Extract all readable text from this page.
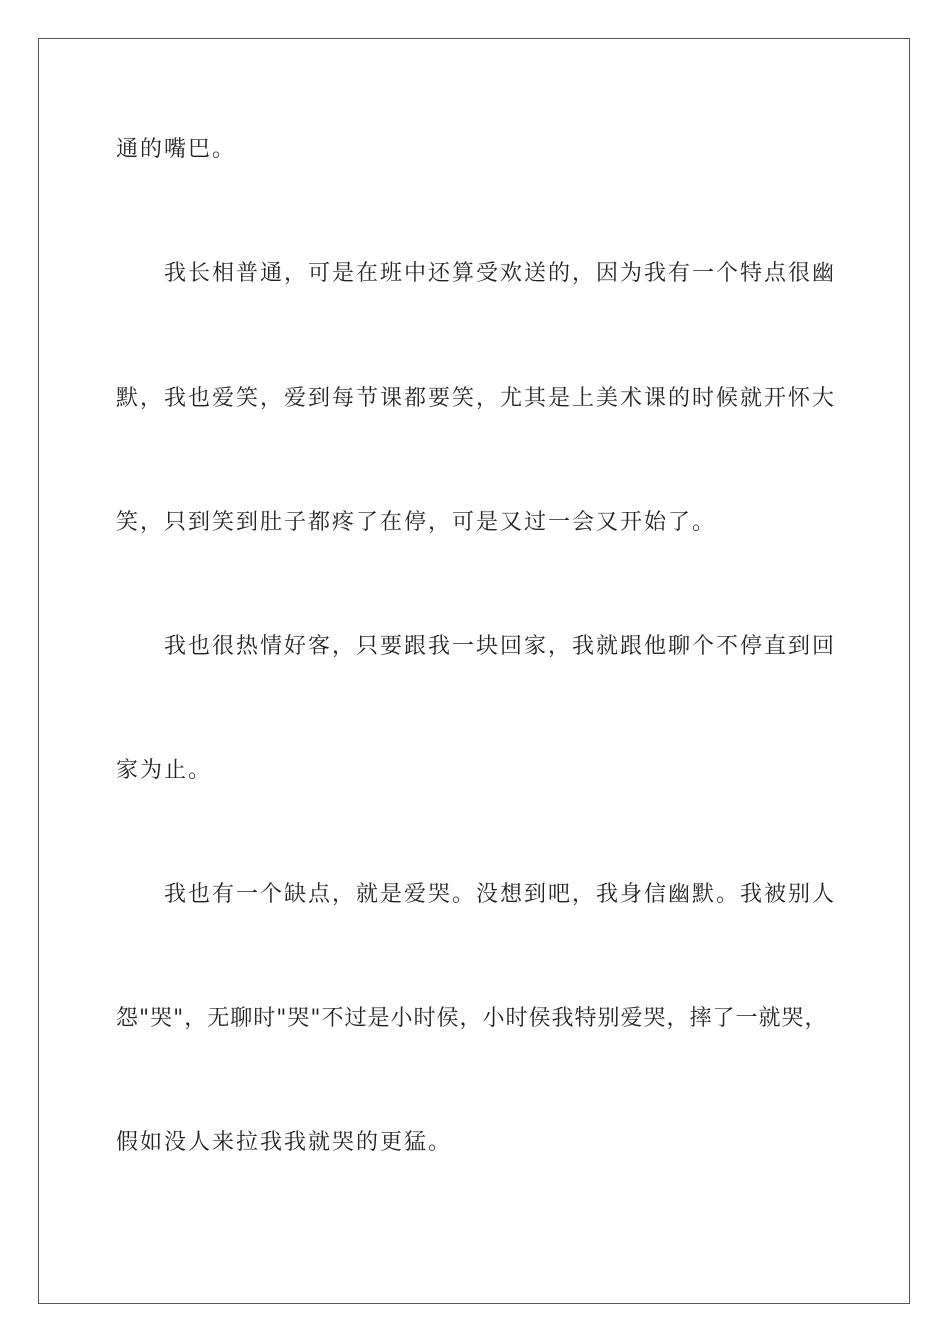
通的嘴巴。
我长相普通，可是在班中还算受欢送的，因为我有一个特点很幽
默，我也爱笑，爱到每节课都要笑，尤其是上美术课的时候就开怀大
笑，只到笑到肚子都疼了在停，可是又过一会又开始了。
我也很热情好客，只要跟我一块回家，我就跟他聊个不停直到回
家为止。
我也有一个缺点，就是爱哭。没想到吧，我身信幽默。我被别人
怨"哭"，无聊时"哭"不过是小时侯，小时侯我特别爱哭，摔了一就哭，
假如没人来拉我我就哭的更猛。
